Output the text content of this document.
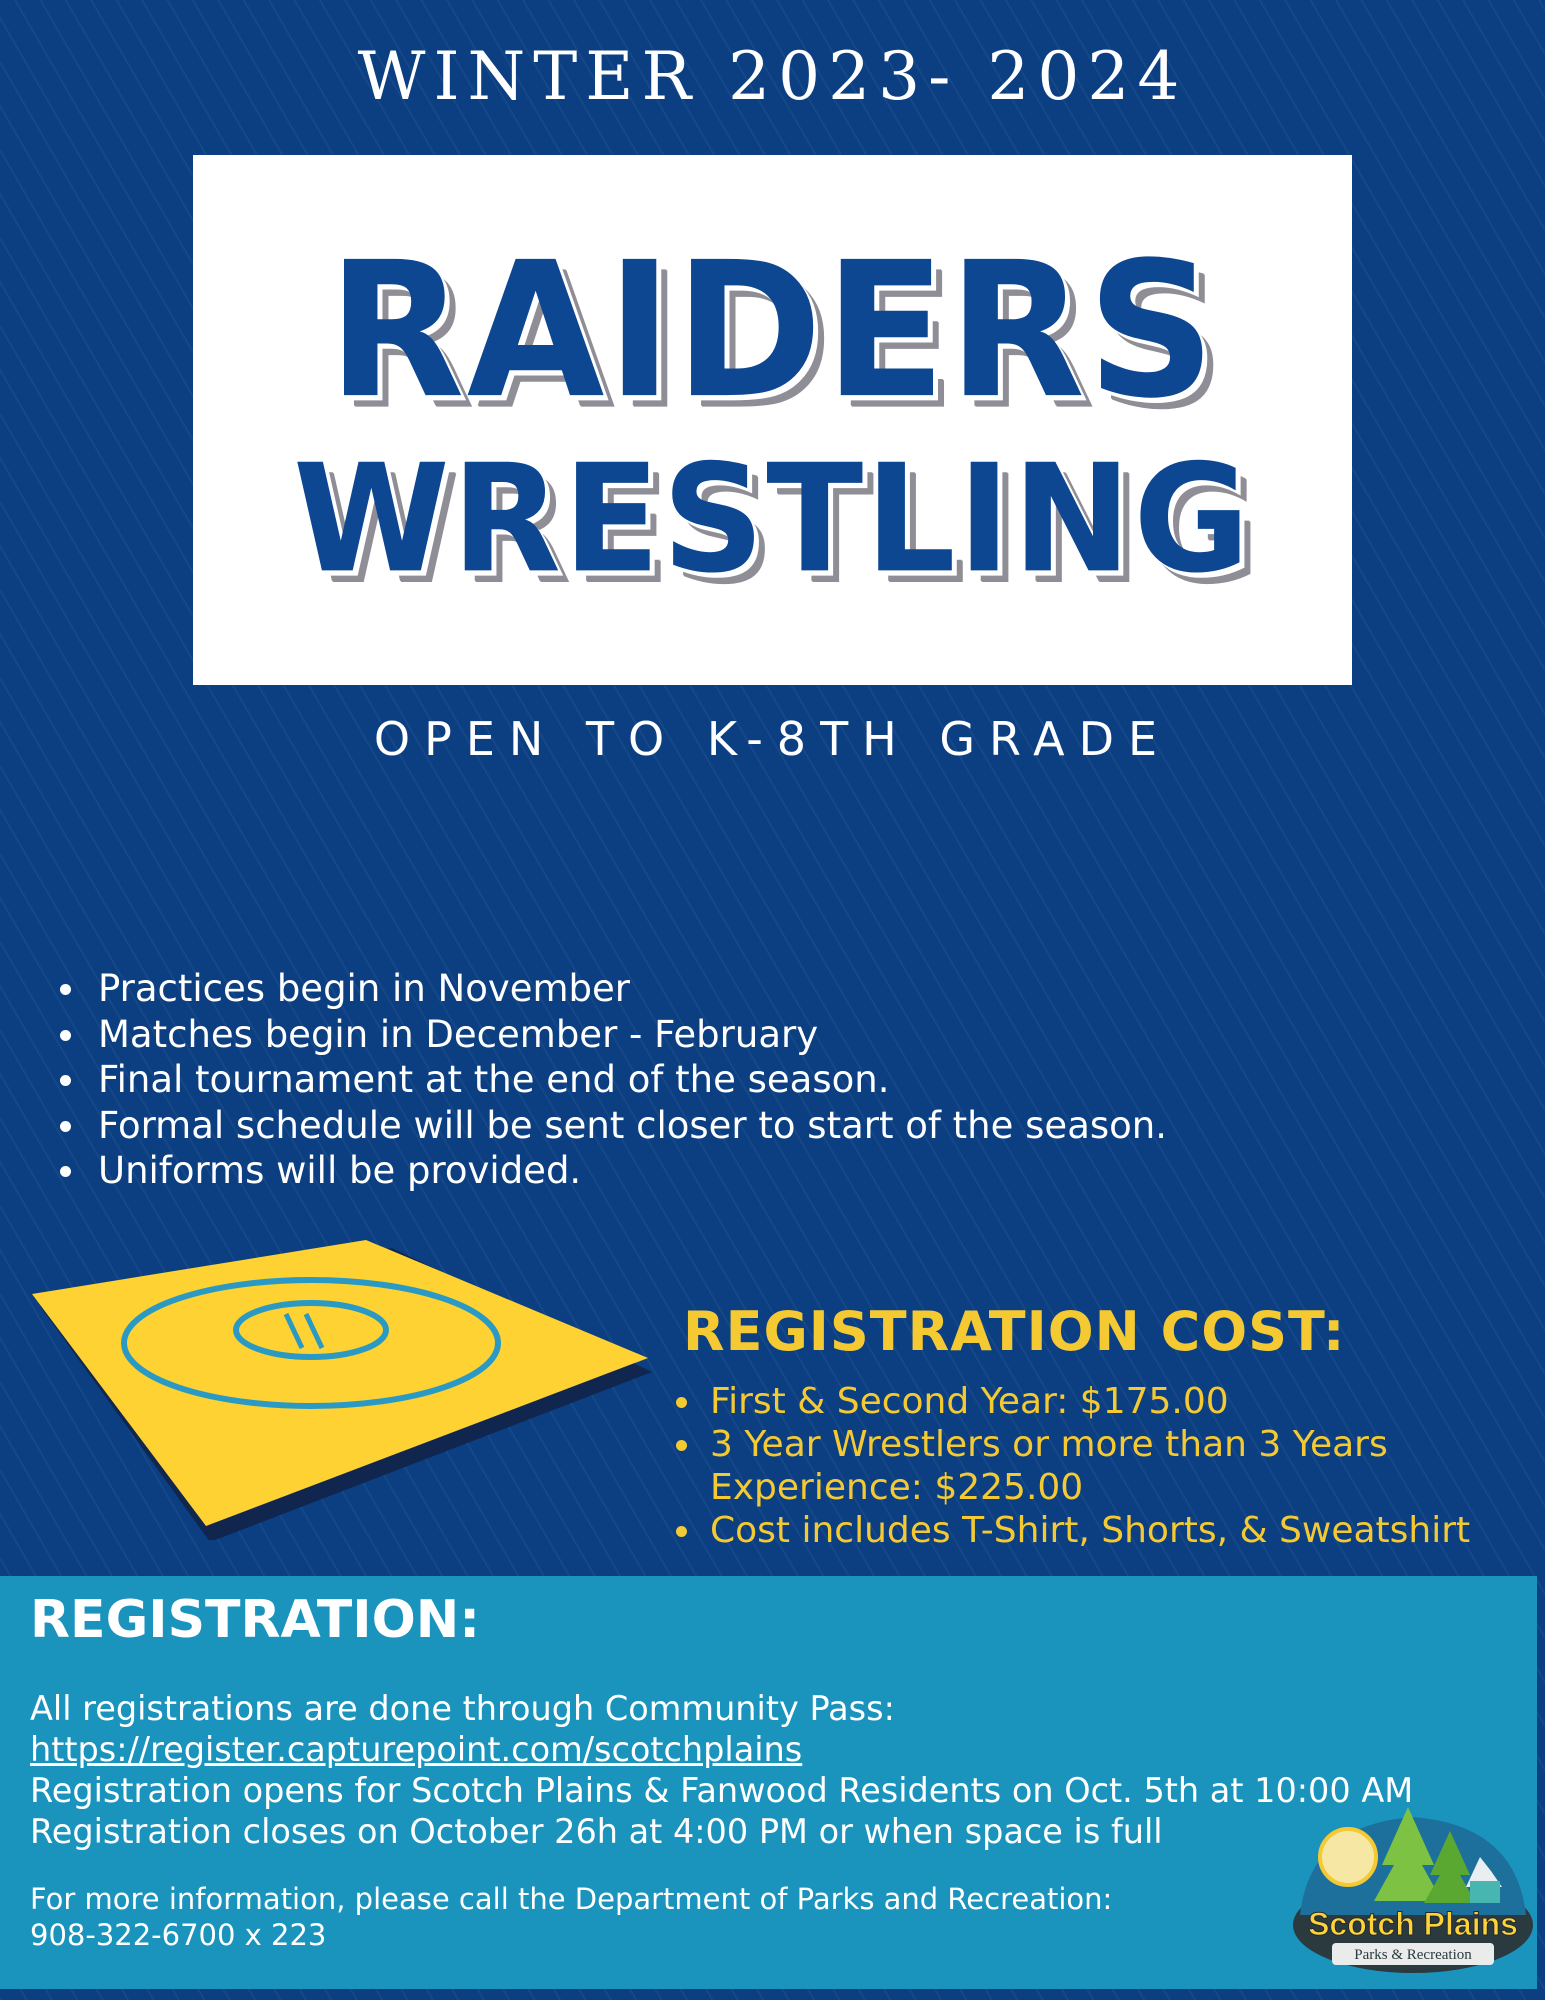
WINTER 2023- 2024
RAIDERS
WRESTLING
OPEN TO K-8TH GRADE
Practices begin in November
Matches begin in December - February
Final tournament at the end of the season.
Formal schedule will be sent closer to start of the season.
Uniforms will be provided.
REGISTRATION COST:
First & Second Year: $175.00
3 Year Wrestlers or more than 3 Years Experience: $225.00
Cost includes T-Shirt, Shorts, & Sweatshirt
REGISTRATION:
All registrations are done through Community Pass:
https://register.capturepoint.com/scotchplains
Registration opens for Scotch Plains & Fanwood Residents on Oct. 5th at 10:00 AM
Registration closes on October 26h at 4:00 PM or when space is full
For more information, please call the Department of Parks and Recreation:
908-322-6700 x 223	Scotch Plains
Parks & Recreation
